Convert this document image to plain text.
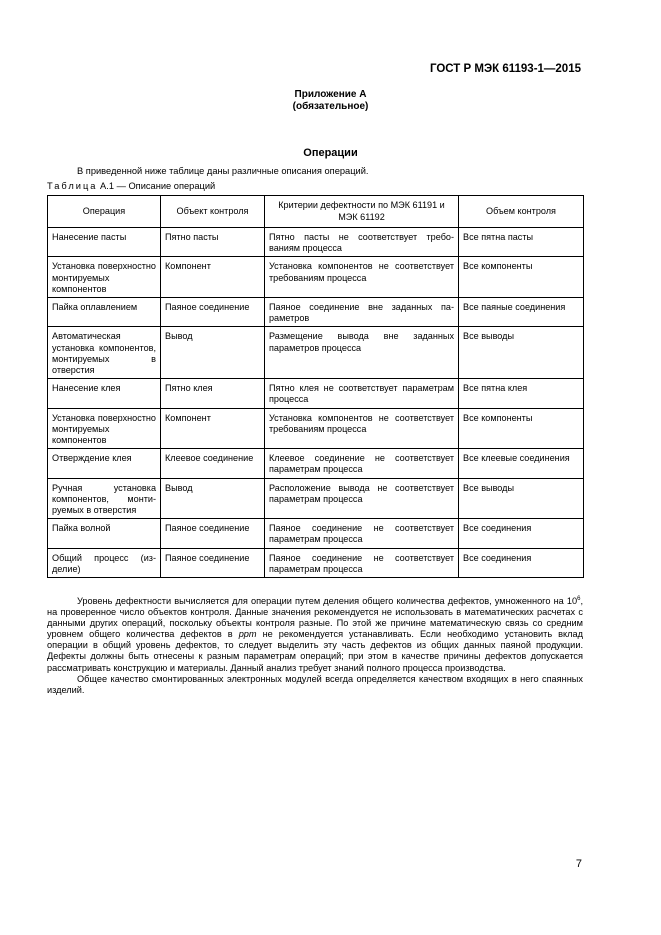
ГОСТ Р МЭК 61193-1—2015
Приложение А
(обязательное)
Операции
В приведенной ниже таблице даны различные описания операций.
Таблица А.1 — Описание операций
Операция	Объект контроля	Критерии дефектности по МЭК 61191 и МЭК 61192	Объем контроля
Нанесение пасты	Пятно пасты	Пятно пасты не соответствует требованиям процесса	Все пятна пасты
Установка поверхностно монтируемых компонентов	Компонент	Установка компонентов не соответствует требованиям процесса	Все компоненты
Пайка оплавлением	Паяное соединение	Паяное соединение вне заданных параметров	Все паяные соединения
Автоматическая установка компонентов, монтируемых в отверстия	Вывод	Размещение вывода вне заданных параметров процесса	Все выводы
Нанесение клея	Пятно клея	Пятно клея не соответствует параметрам процесса	Все пятна клея
Установка поверхностно монтируемых компонентов	Компонент	Установка компонентов не соответствует требованиям процесса	Все компоненты
Отверждение клея	Клеевое соединение	Клеевое соединение не соответствует параметрам процесса	Все клеевые соединения
Ручная установка компонентов, монтируемых в отверстия	Вывод	Расположение вывода не соответствует параметрам процесса	Все выводы
Пайка волной	Паяное соединение	Паяное соединение не соответствует параметрам процесса	Все соединения
Общий процесс (изделие)	Паяное соединение	Паяное соединение не соответствует параметрам процесса	Все соединения

Уровень дефектности вычисляется для операции путем деления общего количества дефектов, умноженного на $10^6$, на проверенное число объектов контроля. Данные значения рекомендуется не использовать в математических расчетах с данными других операций, поскольку объекты контроля разные. По этой же причине математическую связь со средним уровнем общего количества дефектов в ppm не рекомендуется устанавливать. Если необходимо установить вклад операции в общий уровень дефектов, то следует выделить эту часть дефектов из общих данных паяной продукции. Дефекты должны быть отнесены к разным параметрам операций; при этом в качестве причины дефектов допускается рассматривать конструкцию и материалы. Данный анализ требует знаний полного процесса производства.

Общее качество смонтированных электронных модулей всегда определяется качеством входящих в него спаянных изделий.

7
